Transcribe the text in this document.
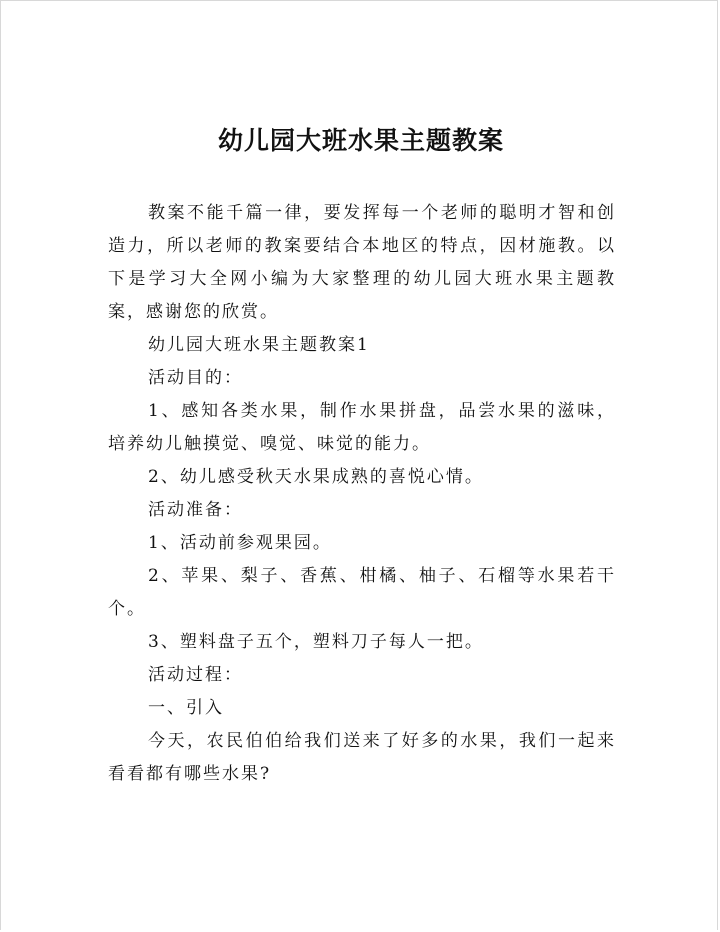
幼儿园大班水果主题教案

教案不能千篇一律，要发挥每一个老师的聪明才智和创造力，所以老师的教案要结合本地区的特点，因材施教。以下是学习大全网小编为大家整理的幼儿园大班水果主题教案，感谢您的欣赏。

幼儿园大班水果主题教案1

活动目的：

1、感知各类水果，制作水果拼盘，品尝水果的滋味，培养幼儿触摸觉、嗅觉、味觉的能力。

2、幼儿感受秋天水果成熟的喜悦心情。

活动准备：

1、活动前参观果园。

2、苹果、梨子、香蕉、柑橘、柚子、石榴等水果若干个。

3、塑料盘子五个，塑料刀子每人一把。

活动过程：

一、引入

今天，农民伯伯给我们送来了好多的水果，我们一起来看看都有哪些水果?
